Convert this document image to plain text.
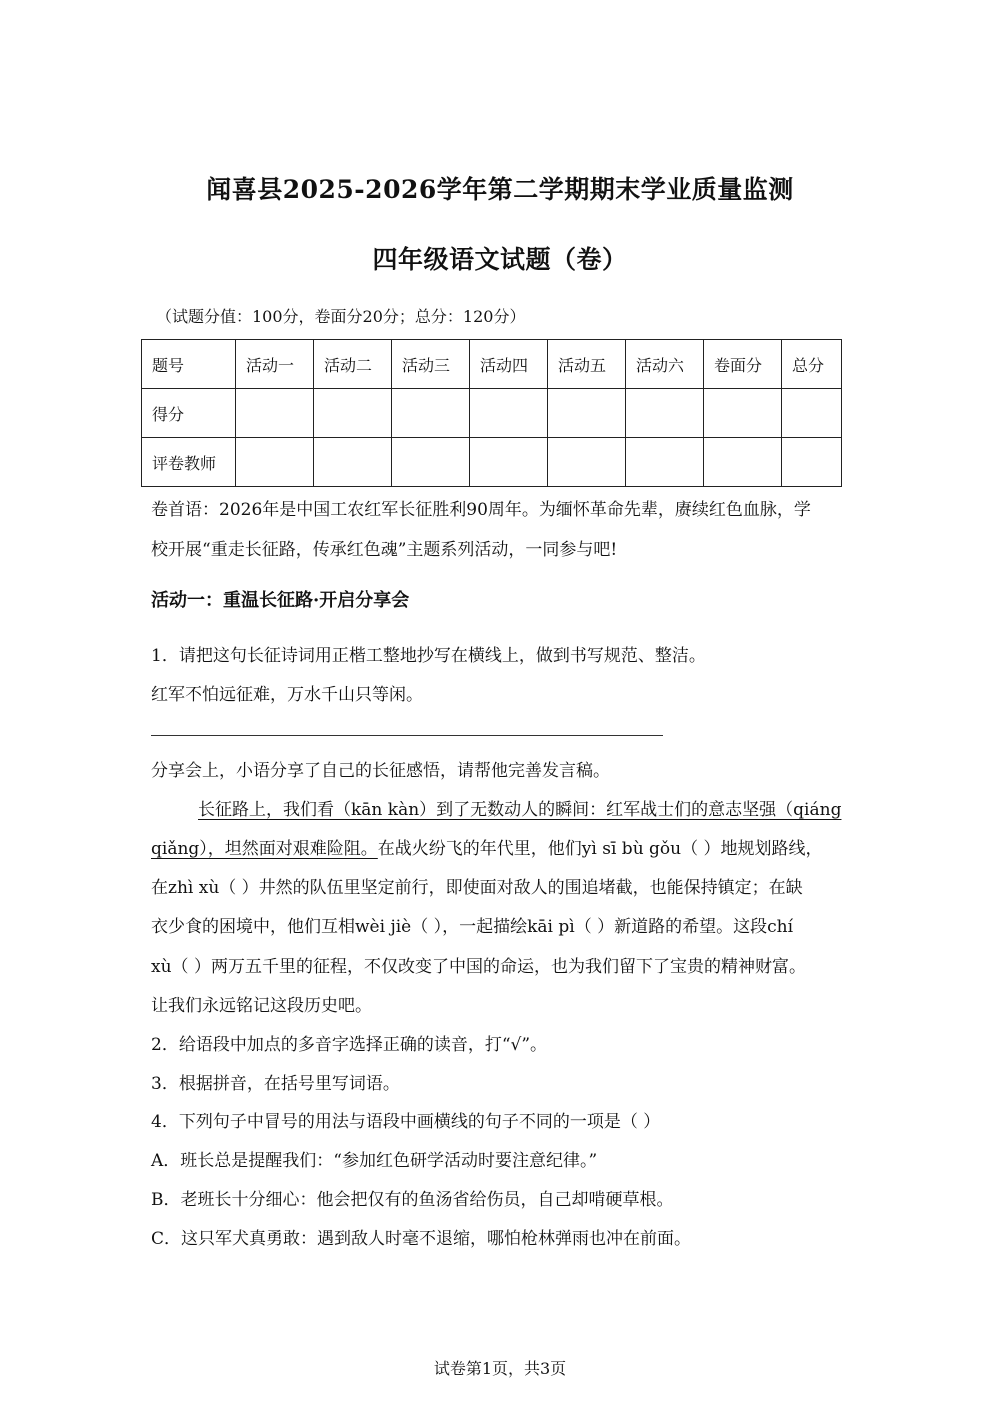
闻喜县2025-2026学年第二学期期末学业质量监测
四年级语文试题（卷）
（试题分值：100分，卷面分20分；总分：120分）
题号	活动一	活动二	活动三	活动四	活动五	活动六	卷面分	总分
得分								
评卷教师								
卷首语：2026年是中国工农红军长征胜利90周年。为缅怀革命先辈，赓续红色血脉，学
校开展“重走长征路，传承红色魂”主题系列活动，一同参与吧!
活动一：重温长征路·开启分享会
1．请把这句长征诗词用正楷工整地抄写在横线上，做到书写规范、整洁。
红军不怕远征难，万水千山只等闲。
分享会上，小语分享了自己的长征感悟，请帮他完善发言稿。
长征路上，我们看（kān kàn）到了无数动人的瞬间：红军战士们的意志坚强（qiáng
qiǎng），坦然面对艰难险阻。在战火纷飞的年代里，他们yì sī bù gǒu（ ）地规划路线，
在zhì xù（ ）井然的队伍里坚定前行，即使面对敌人的围追堵截，也能保持镇定；在缺
衣少食的困境中，他们互相wèi jiè（ ），一起描绘kāi pì（ ）新道路的希望。这段chí
xù（ ）两万五千里的征程，不仅改变了中国的命运，也为我们留下了宝贵的精神财富。
让我们永远铭记这段历史吧。
2．给语段中加点的多音字选择正确的读音，打“√”。
3．根据拼音，在括号里写词语。
4．下列句子中冒号的用法与语段中画横线的句子不同的一项是（ ）
A．班长总是提醒我们：“参加红色研学活动时要注意纪律。”
B．老班长十分细心：他会把仅有的鱼汤省给伤员，自己却啃硬草根。
C．这只军犬真勇敢：遇到敌人时毫不退缩，哪怕枪林弹雨也冲在前面。
试卷第1页，共3页
